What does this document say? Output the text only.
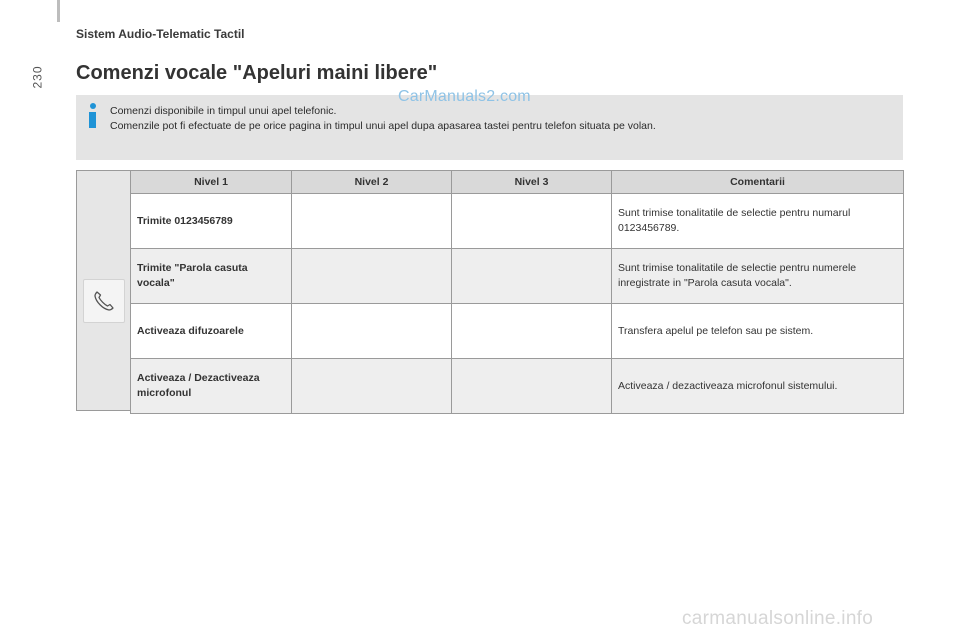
230
Sistem Audio-Telematic Tactil
Comenzi vocale "Apeluri maini libere"
Comenzi disponibile in timpul unui apel telefonic.
Comenzile pot fi efectuate de pe orice pagina in timpul unui apel dupa apasarea tastei pentru telefon situata pe volan.
CarManuals2.com
Nivel 1	Nivel 2	Nivel 3	Comentarii
Trimite 0123456789			Sunt trimise tonalitatile de selectie pentru numarul 0123456789.
Trimite "Parola casuta vocala"			Sunt trimise tonalitatile de selectie pentru numerele inregistrate in "Parola casuta vocala".
Activeaza difuzoarele			Transfera apelul pe telefon sau pe sistem.
Activeaza / Dezactiveaza microfonul			Activeaza / dezactiveaza microfonul sistemului.
carmanualsonline.info
